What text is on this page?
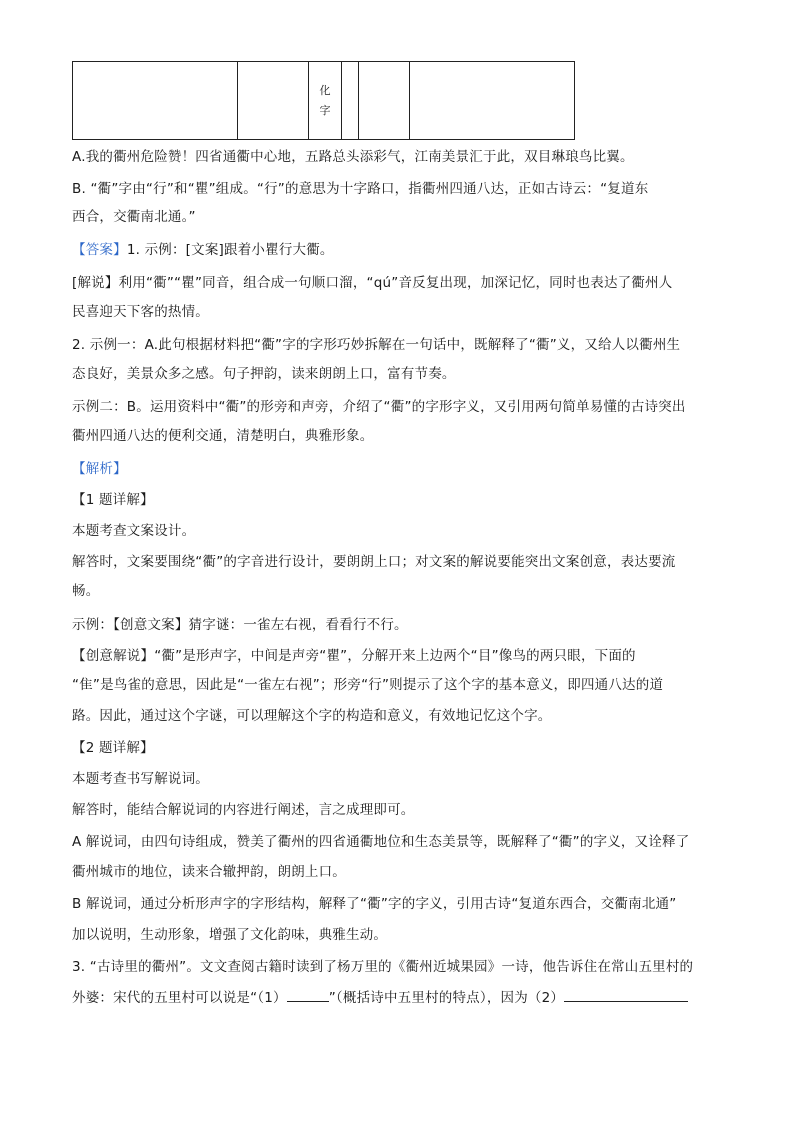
化
字

A.我的衢州危险赞！四省通衢中心地，五路总头添彩气，江南美景汇于此，双目琳琅鸟比翼。
B. “衢”字由“行”和“瞿”组成。“行”的意思为十字路口，指衢州四通八达，正如古诗云：“复道东
西合，交衢南北通。”
【答案】1. 示例：[文案]跟着小瞿行大衢。
[解说】利用“衢”“瞿”同音，组合成一句顺口溜，“qú”音反复出现，加深记忆，同时也表达了衢州人
民喜迎天下客的热情。
2. 示例一：A.此句根据材料把“衢”字的字形巧妙拆解在一句话中，既解释了“衢”义，又给人以衢州生
态良好，美景众多之感。句子押韵，读来朗朗上口，富有节奏。
示例二：B。运用资料中“衢”的形旁和声旁，介绍了“衢”的字形字义，又引用两句简单易懂的古诗突出
衢州四通八达的便利交通，清楚明白，典雅形象。
【解析】
【1 题详解】
本题考查文案设计。
解答时，文案要围绕“衢”的字音进行设计，要朗朗上口；对文案的解说要能突出文案创意，表达要流
畅。
示例：【创意文案】猜字谜：一雀左右视，看看行不行。
【创意解说】“衢”是形声字，中间是声旁“瞿”，分解开来上边两个“目”像鸟的两只眼，下面的
“隹”是鸟雀的意思，因此是“一雀左右视”；形旁“行”则提示了这个字的基本意义，即四通八达的道
路。因此，通过这个字谜，可以理解这个字的构造和意义，有效地记忆这个字。
【2 题详解】
本题考查书写解说词。
解答时，能结合解说词的内容进行阐述，言之成理即可。
A 解说词，由四句诗组成，赞美了衢州的四省通衢地位和生态美景等，既解释了“衢”的字义，又诠释了
衢州城市的地位，读来合辙押韵，朗朗上口。
B 解说词，通过分析形声字的字形结构，解释了“衢”字的字义，引用古诗“复道东西合，交衢南北通”
加以说明，生动形象，增强了文化韵味，典雅生动。
3. “古诗里的衢州”。文文查阅古籍时读到了杨万里的《衢州近城果园》一诗，他告诉住在常山五里村的
外婆：宋代的五里村可以说是“（1）	”（概括诗中五里村的特点），因为（2）
